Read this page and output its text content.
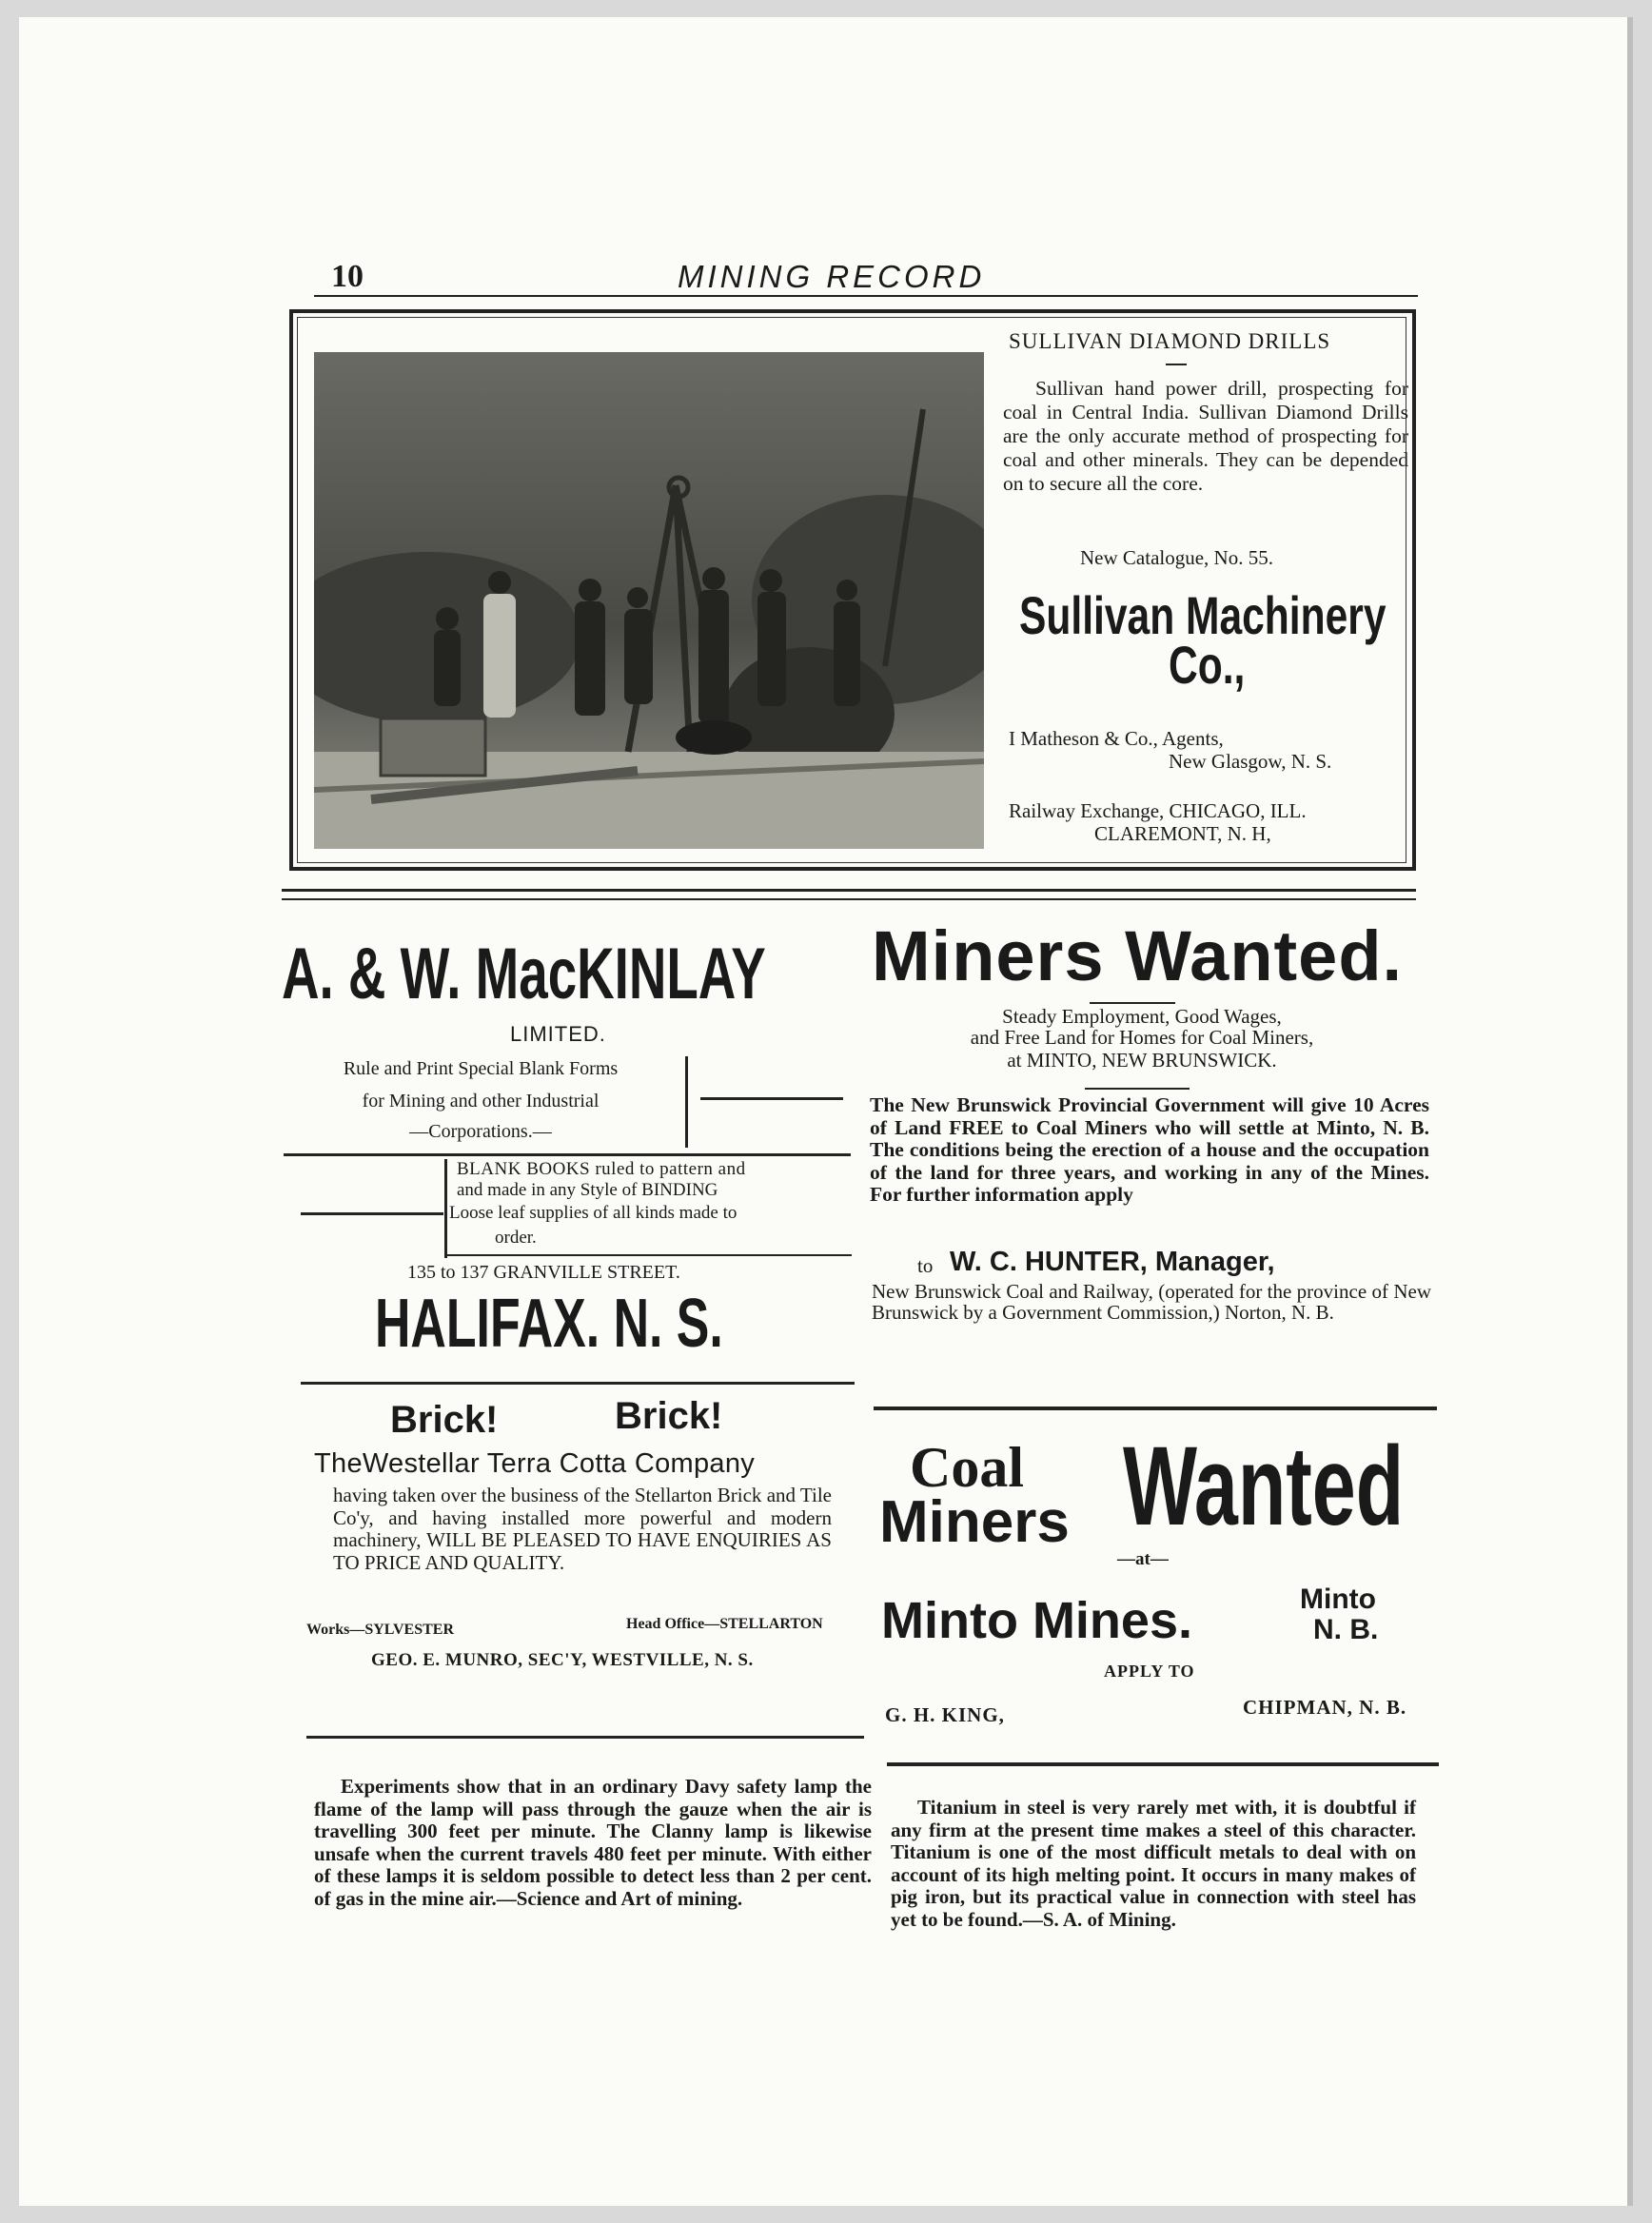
10	MINING RECORD
SULLIVAN DIAMOND DRILLS
Sullivan hand power drill, prospecting for coal in Central India. Sullivan Diamond Drills are the only accurate method of prospecting for coal and other minerals. They can be depended on to secure all the core.
New Catalogue, No. 55.
Sullivan Machinery
Co.,
I Matheson & Co., Agents,
New Glasgow, N. S.
Railway Exchange, CHICAGO, ILL.
CLAREMONT, N. H,
A. & W. MacKINLAY
LIMITED.
Rule and Print Special Blank Forms
for Mining and other Industrial
—Corporations.—
BLANK BOOKS ruled to pattern and
and made in any Style of BINDING
Loose leaf supplies of all kinds made to
order.
135 to 137 GRANVILLE STREET.
HALIFAX. N. S.
Miners Wanted.
Steady Employment, Good Wages,
and Free Land for Homes for Coal Miners,
at MINTO, NEW BRUNSWICK.
The New Brunswick Provincial Government will give 10 Acres of Land FREE to Coal Miners who will settle at Minto, N. B. The conditions being the erection of a house and the occupation of the land for three years, and working in any of the Mines. For further information apply
to W. C. HUNTER, Manager,
New Brunswick Coal and Railway, (operated for the province of New Brunswick by a Government Commission,) Norton, N. B.
Brick!	Brick!
TheWestellar Terra Cotta Company
having taken over the business of the Stellarton Brick and Tile Co'y, and having installed more powerful and modern machinery, WILL BE PLEASED TO HAVE ENQUIRIES AS TO PRICE AND QUALITY.
Works—SYLVESTER	Head Office—STELLARTON
GEO. E. MUNRO, SEC'Y, WESTVILLE, N. S.
Coal
Miners Wanted
—at—
Minto Mines.	Minto
N. B.
APPLY TO
G. H. KING,	CHIPMAN, N. B.
Experiments show that in an ordinary Davy safety lamp the flame of the lamp will pass through the gauze when the air is travelling 300 feet per minute. The Clanny lamp is likewise unsafe when the current travels 480 feet per minute. With either of these lamps it is seldom possible to detect less than 2 per cent. of gas in the mine air.—Science and Art of mining.
Titanium in steel is very rarely met with, it is doubtful if any firm at the present time makes a steel of this character. Titanium is one of the most difficult metals to deal with on account of its high melting point. It occurs in many makes of pig iron, but its practical value in connection with steel has yet to be found.—S. A. of Mining.
